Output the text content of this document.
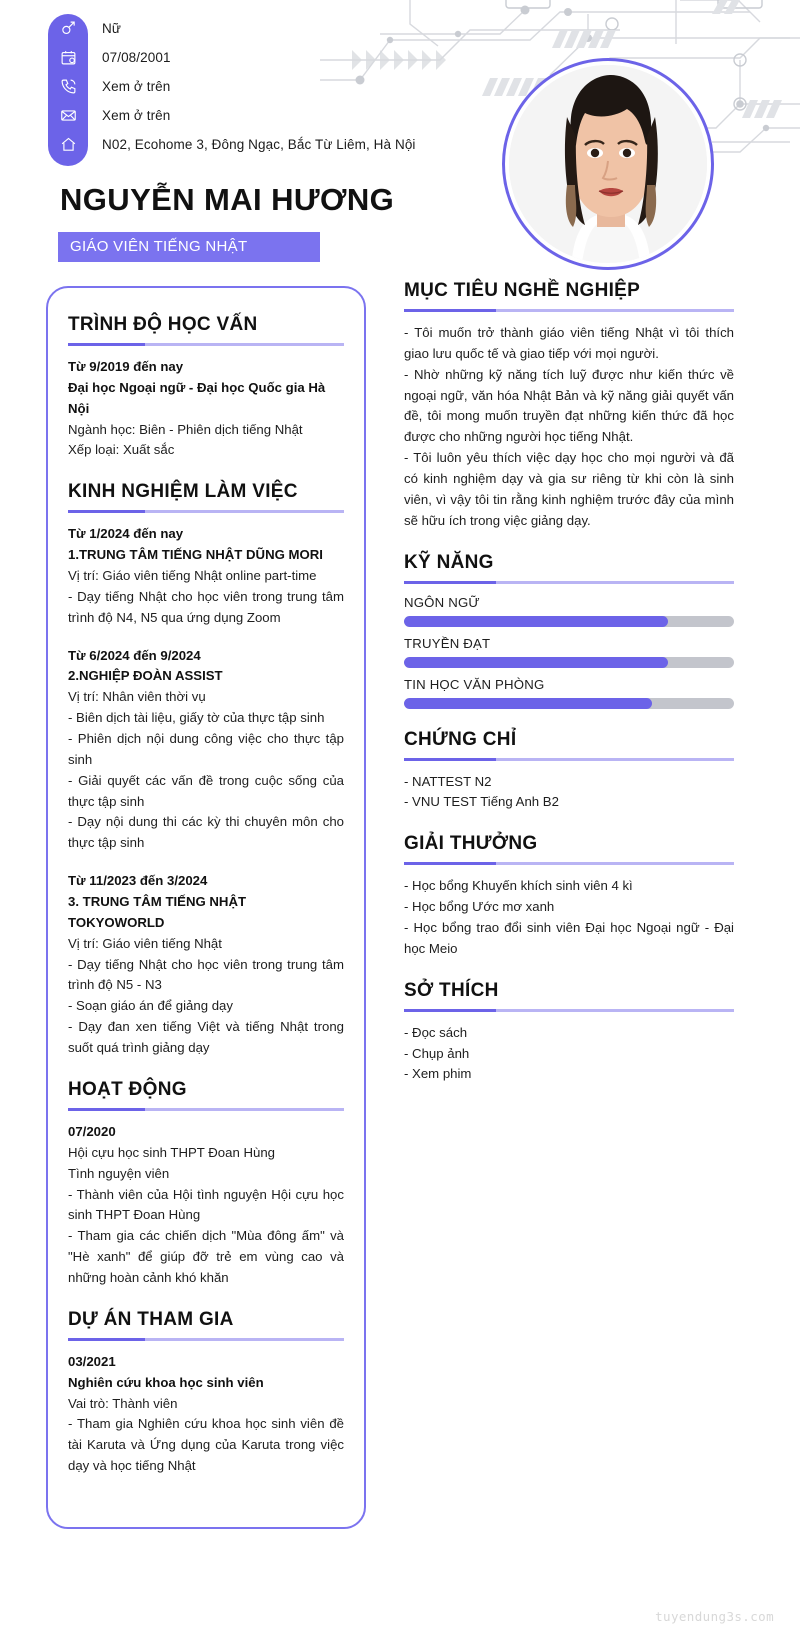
Nữ
07/08/2001
Xem ở trên
Xem ở trên
N02, Ecohome 3, Đông Ngạc, Bắc Từ Liêm, Hà Nội
NGUYỄN MAI HƯƠNG
GIÁO VIÊN TIẾNG NHẬT
TRÌNH ĐỘ HỌC VẤN

Từ 9/2019 đến nay

Đại học Ngoại ngữ - Đại học Quốc gia Hà Nội

Ngành học: Biên - Phiên dịch tiếng Nhật

Xếp loại: Xuất sắc

KINH NGHIỆM LÀM VIỆC

Từ 1/2024 đến nay

1.TRUNG TÂM TIẾNG NHẬT DŨNG MORI

Vị trí: Giáo viên tiếng Nhật online part-time

- Dạy tiếng Nhật cho học viên trong trung tâm trình độ N4, N5 qua ứng dụng Zoom

Từ 6/2024 đến 9/2024

2.NGHIỆP ĐOÀN ASSIST

Vị trí: Nhân viên thời vụ

- Biên dịch tài liệu, giấy tờ của thực tập sinh

- Phiên dịch nội dung công việc cho thực tập sinh

- Giải quyết các vấn đề trong cuộc sống của thực tập sinh

- Dạy nội dung thi các kỳ thi chuyên môn cho thực tập sinh

Từ 11/2023 đến 3/2024

3. TRUNG TÂM TIẾNG NHẬT TOKYOWORLD

Vị trí: Giáo viên tiếng Nhật

- Dạy tiếng Nhật cho học viên trong trung tâm trình độ N5 - N3

- Soạn giáo án để giảng dạy

- Dạy đan xen tiếng Việt và tiếng Nhật trong suốt quá trình giảng dạy

HOẠT ĐỘNG

07/2020

Hội cựu học sinh THPT Đoan Hùng

Tình nguyện viên

- Thành viên của Hội tình nguyện Hội cựu học sinh THPT Đoan Hùng

- Tham gia các chiến dịch "Mùa đông ấm" và "Hè xanh" để giúp đỡ trẻ em vùng cao và những hoàn cảnh khó khăn

DỰ ÁN THAM GIA

03/2021

Nghiên cứu khoa học sinh viên

Vai trò: Thành viên

- Tham gia Nghiên cứu khoa học sinh viên đề tài Karuta và Ứng dụng của Karuta trong việc dạy và học tiếng Nhật

MỤC TIÊU NGHỀ NGHIỆP

- Tôi muốn trở thành giáo viên tiếng Nhật vì tôi thích giao lưu quốc tế và giao tiếp với mọi người.

- Nhờ những kỹ năng tích luỹ được như kiến thức về ngoại ngữ, văn hóa Nhật Bản và kỹ năng giải quyết vấn đề, tôi mong muốn truyền đạt những kiến thức đã học được cho những người học tiếng Nhật.

- Tôi luôn yêu thích việc dạy học cho mọi người và đã có kinh nghiệm dạy và gia sư riêng từ khi còn là sinh viên, vì vậy tôi tin rằng kinh nghiệm trước đây của mình sẽ hữu ích trong việc giảng dạy.

KỸ NĂNG
NGÔN NGỮ
TRUYỀN ĐẠT
TIN HỌC VĂN PHÒNG
CHỨNG CHỈ

- NATTEST N2

- VNU TEST Tiếng Anh B2

GIẢI THƯỞNG

- Học bổng Khuyến khích sinh viên 4 kì

- Học bổng Ước mơ xanh

- Học bổng trao đổi sinh viên Đại học Ngoại ngữ - Đại học Meio

SỞ THÍCH

- Đọc sách

- Chụp ảnh

- Xem phim

tuyendung3s.com
